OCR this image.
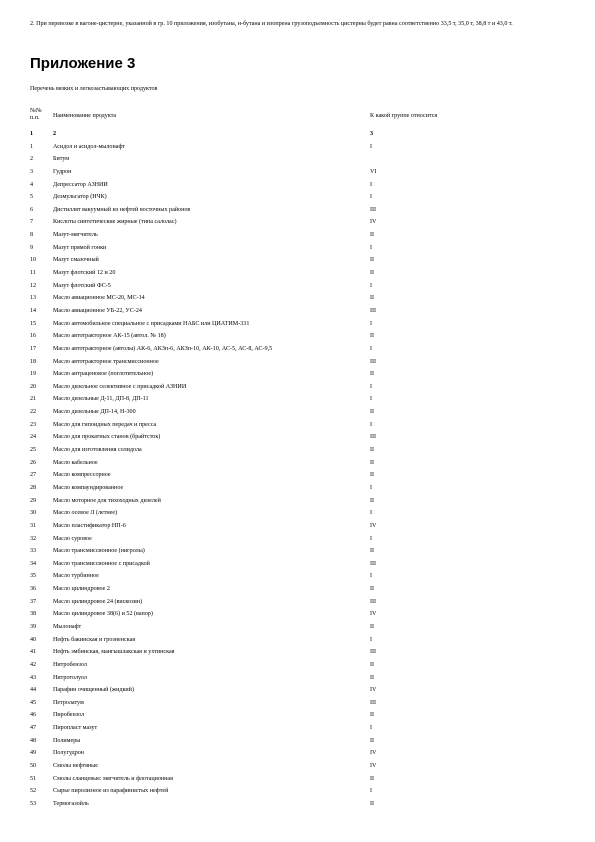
2. При перевозке в вагоне-цистерне, указанной в гр. 10 приложения, изобутана, н-бутана и изопрена грузоподъемность цистерны будет равна соответственно 33,5 т, 35,0 т, 38,8 т и 43,0 т.
Приложение 3
Перечень вязких и легкозастывающих продуктов
№№ п.п.	Наименование продукта	К какой группе относится
1	2	3
1	Асидол и асидол-мылонафт	I
2	Битум
3	Гудрон	VI
4	Депрессатор АЗНИИ	I
5	Деэмульгатор (НЧК)	I
6	Дистиллят вакуумный из нефтей восточных районов	III
7	Кислоты синтетические жирные (типа салолас)	IV
8	Мазут-мягчитель	II
9	Мазут прямой гонки	I
10	Мазут смазочный	II
11	Мазут флотский 12 и 20	II
12	Мазут флотский ФС-5	I
13	Масло авиационное МС-20, МС-14	II
14	Масло авиационное УБ-22, УС-24	III
15	Масло автомобильное специальное с присадками НАБС или ЦИАТИМ-331	I
16	Масло автотракторное АК-15 (автол. № 18)	II
17	Масло автотракторное (автолы) АК-6, АКЗп-6, АКЗп-10, АК-10, АС-5, АС-8, АС-9,5	I
18	Масло автотракторное трансмиссионное	III
19	Масло антраценовое (поглотительное)	II
20	Масло дизельное селективное с присадкой АЗНИИ	I
21	Масло дизельные Д-11, ДП-8, ДП-11	I
22	Масло дизельные ДП-14, Н-300	II
23	Масло для гипоидных передач и пресса	I
24	Масло для прокатных станов (брайтсток)	III
25	Масло для изготовления солидола	II
26	Масло кабельное	II
27	Масло компрессорное	II
28	Масло компаундированное	I
29	Масло моторное для тихоходных дизелей	II
30	Масло осевое Л (летнее)	I
31	Масло пластификатор НП-6	IV
32	Масло суровое	I
33	Масло трансмиссионное (нигролы)	II
34	Масло трансмиссионное с присадкой	III
35	Масло турбинное	I
36	Масло цилиндровое 2	II
37	Масло цилиндровое 24 (вискозин)	III
38	Масло цилиндровое 38(6) и 52 (вапор)	IV
39	Мылонафт	II
40	Нефть бакинская и грозненская	I
41	Нефть эмбинская, мангышлакская и ухтинская	III
42	Нитробензол	II
43	Нитротолуол	II
44	Парафин очищенный (жидкий)	IV
45	Петролатум	III
46	Пиробензол	II
47	Пиропласт мазут	I
48	Полимеры	II
49	Полугудрон	IV
50	Смолы нефтяные	IV
51	Смолы сланцевые: мягчитель и флотационная	II
52	Сырье пиролизное из парафинистых нефтей	I
53	Термогазойль	II
